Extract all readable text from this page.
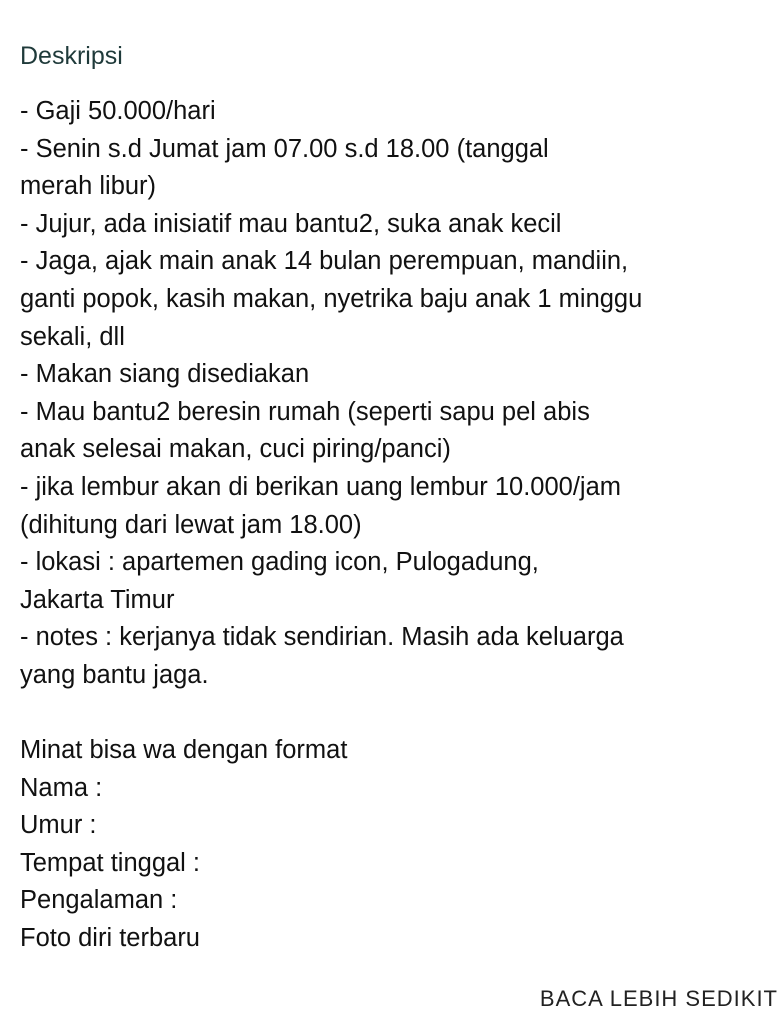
Deskripsi
- Gaji 50.000/hari
- Senin s.d Jumat jam 07.00 s.d 18.00 (tanggal
merah libur)
- Jujur, ada inisiatif mau bantu2, suka anak kecil
- Jaga, ajak main anak 14 bulan perempuan, mandiin,
ganti popok, kasih makan, nyetrika baju anak 1 minggu
sekali, dll
- Makan siang disediakan
- Mau bantu2 beresin rumah (seperti sapu pel abis
anak selesai makan, cuci piring/panci)
- jika lembur akan di berikan uang lembur 10.000/jam
(dihitung dari lewat jam 18.00)
- lokasi : apartemen gading icon, Pulogadung,
Jakarta Timur
- notes : kerjanya tidak sendirian. Masih ada keluarga
yang bantu jaga.
Minat bisa wa dengan format
Nama :
Umur :
Tempat tinggal :
Pengalaman :
Foto diri terbaru
BACA LEBIH SEDIKIT
